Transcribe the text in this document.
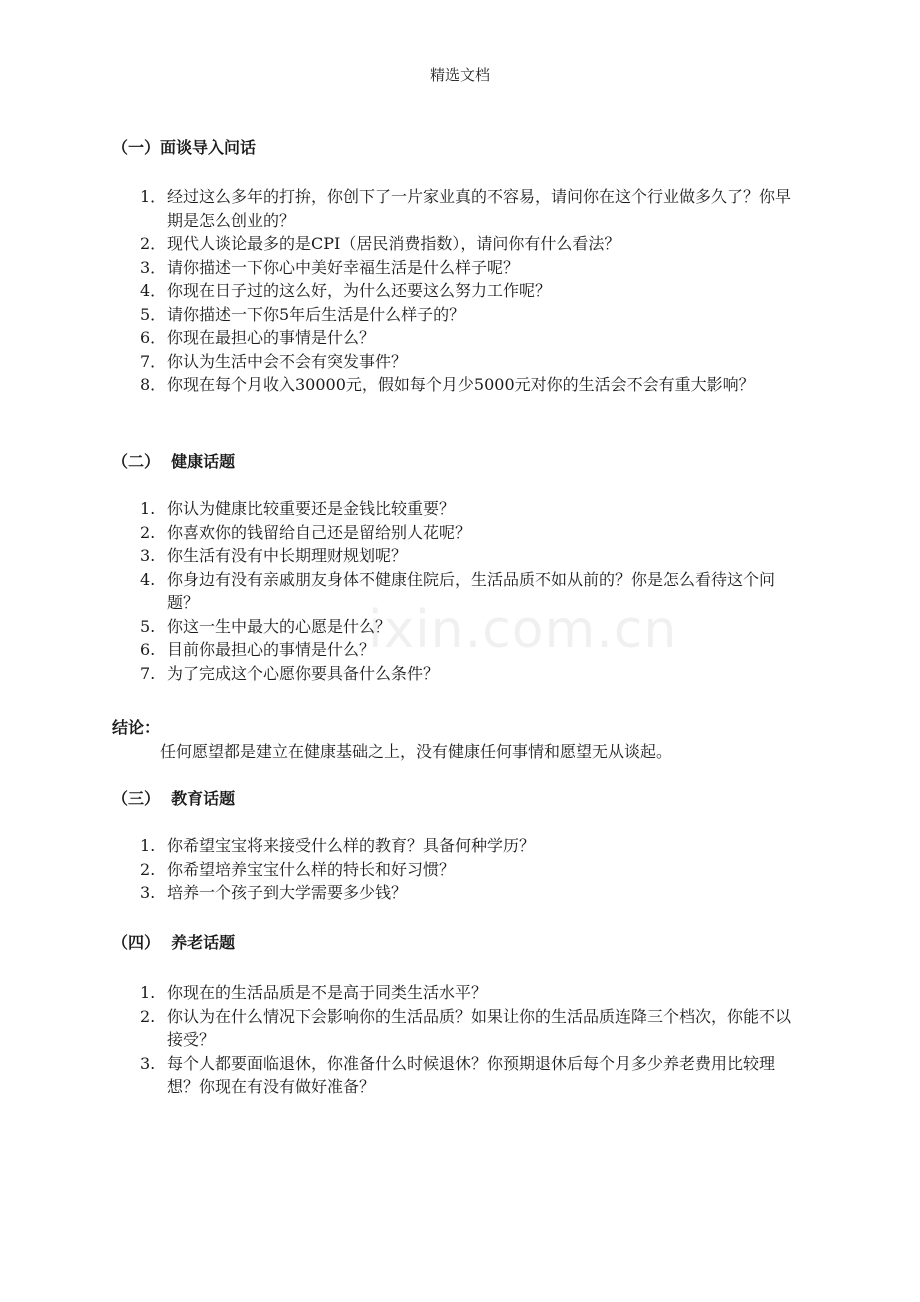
精选文档
ixin.com.cn
（一）面谈导入问话
1． 经过这么多年的打拚，你创下了一片家业真的不容易，请问你在这个行业做多久了？你早期是怎么创业的？
2． 现代人谈论最多的是CPI（居民消费指数），请问你有什么看法？
3． 请你描述一下你心中美好幸福生活是什么样子呢？
4． 你现在日子过的这么好，为什么还要这么努力工作呢？
5． 请你描述一下你5年后生活是什么样子的？
6． 你现在最担心的事情是什么？
7． 你认为生活中会不会有突发事件？
8． 你现在每个月收入30000元，假如每个月少5000元对你的生活会不会有重大影响？
（二）  健康话题
1. 你认为健康比较重要还是金钱比较重要？
2. 你喜欢你的钱留给自己还是留给别人花呢？
3. 你生活有没有中长期理财规划呢？
4. 你身边有没有亲戚朋友身体不健康住院后，生活品质不如从前的？你是怎么看待这个问题？
5. 你这一生中最大的心愿是什么？
6. 目前你最担心的事情是什么？
7. 为了完成这个心愿你要具备什么条件？
结论：
任何愿望都是建立在健康基础之上，没有健康任何事情和愿望无从谈起。
（三）  教育话题
1. 你希望宝宝将来接受什么样的教育？具备何种学历？
2. 你希望培养宝宝什么样的特长和好习惯？
3. 培养一个孩子到大学需要多少钱？
（四）  养老话题
1. 你现在的生活品质是不是高于同类生活水平？
2. 你认为在什么情况下会影响你的生活品质？如果让你的生活品质连降三个档次，你能不以接受？
3. 每个人都要面临退休，你准备什么时候退休？你预期退休后每个月多少养老费用比较理想？你现在有没有做好准备？
